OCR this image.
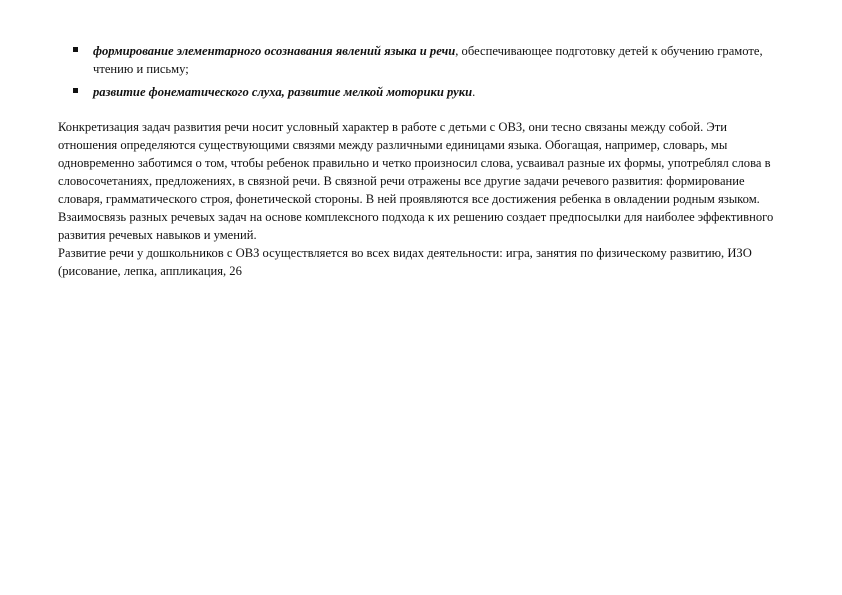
формирование элементарного осознавания явлений языка и речи, обеспечивающее подготовку детей к обучению грамоте, чтению и письму;
развитие фонематического слуха, развитие мелкой моторики руки.

Конкретизация задач развития речи носит условный характер в работе с детьми с ОВЗ, они тесно связаны между собой. Эти отношения определяются существующими связями между различными единицами языка. Обогащая, например, словарь, мы одновременно заботимся о том, чтобы ребенок правильно и четко произносил слова, усваивал разные их формы, употреблял слова в словосочетаниях, предложениях, в связной речи. В связной речи отражены все другие задачи речевого развития: формирование словаря, грамматического строя, фонетической стороны. В ней проявляются все достижения ребенка в овладении родным языком. Взаимосвязь разных речевых задач на основе комплексного подхода к их решению создает предпосылки для наиболее эффективного развития речевых навыков и умений.

Развитие речи у дошкольников с ОВЗ осуществляется во всех видах деятельности: игра, занятия по физическому развитию, ИЗО (рисование, лепка, аппликация, 26
